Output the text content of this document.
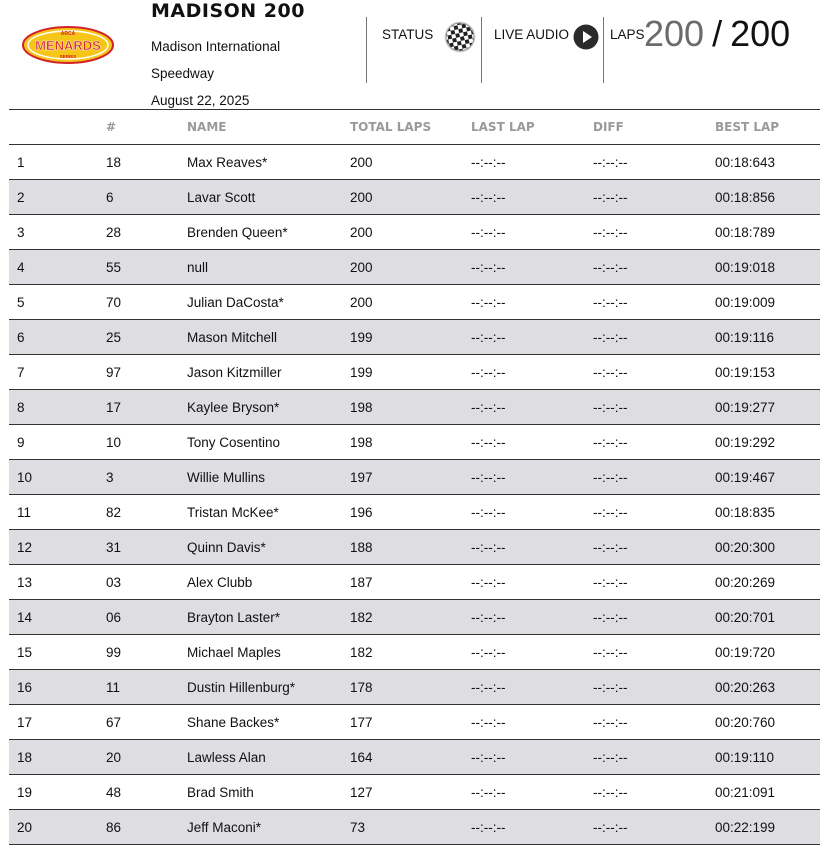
ARCA
MENARDS
SERIES
MADISON 200
Madison International
Speedway
August 22, 2025
STATUS	LIVE AUDIO	LAPS 200 / 200
	#	NAME	TOTAL LAPS	LAST LAP	DIFF	BEST LAP
1	18	Max Reaves*	200	--:--:--	--:--:--	00:18:643
2	6	Lavar Scott	200	--:--:--	--:--:--	00:18:856
3	28	Brenden Queen*	200	--:--:--	--:--:--	00:18:789
4	55	null	200	--:--:--	--:--:--	00:19:018
5	70	Julian DaCosta*	200	--:--:--	--:--:--	00:19:009
6	25	Mason Mitchell	199	--:--:--	--:--:--	00:19:116
7	97	Jason Kitzmiller	199	--:--:--	--:--:--	00:19:153
8	17	Kaylee Bryson*	198	--:--:--	--:--:--	00:19:277
9	10	Tony Cosentino	198	--:--:--	--:--:--	00:19:292
10	3	Willie Mullins	197	--:--:--	--:--:--	00:19:467
11	82	Tristan McKee*	196	--:--:--	--:--:--	00:18:835
12	31	Quinn Davis*	188	--:--:--	--:--:--	00:20:300
13	03	Alex Clubb	187	--:--:--	--:--:--	00:20:269
14	06	Brayton Laster*	182	--:--:--	--:--:--	00:20:701
15	99	Michael Maples	182	--:--:--	--:--:--	00:19:720
16	11	Dustin Hillenburg*	178	--:--:--	--:--:--	00:20:263
17	67	Shane Backes*	177	--:--:--	--:--:--	00:20:760
18	20	Lawless Alan	164	--:--:--	--:--:--	00:19:110
19	48	Brad Smith	127	--:--:--	--:--:--	00:21:091
20	86	Jeff Maconi*	73	--:--:--	--:--:--	00:22:199
